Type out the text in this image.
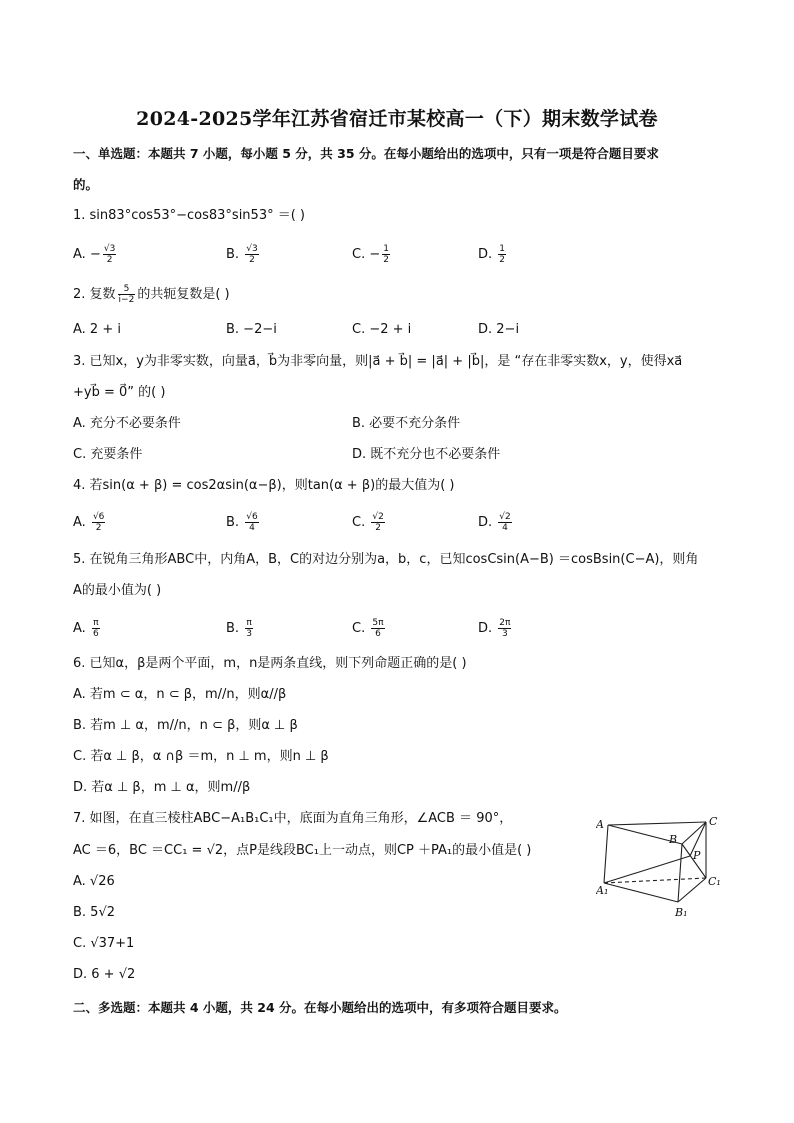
2024-2025学年江苏省宿迁市某校高一（下）期末数学试卷
一、单选题：本题共 7 小题，每小题 5 分，共 35 分。在每小题给出的选项中，只有一项是符合题目要求
的。
1. sin83°cos53°−cos83°sin53° ＝( )
A. − $\frac{√3}{2}$	B. $\frac{√3}{2}$	C. − $\frac{1}{2}$	D. $\frac{1}{2}$
2. 复数 $\frac{5}{i-2}$ 的共轭复数是( )
A. 2 + i	B. −2−i	C. −2 + i	D. 2−i
3. 已知x，y为非零实数，向量a⃗，b⃗为非零向量，则|a⃗ + b⃗| = |a⃗| + |b⃗|，是 “存在非零实数x，y，使得xa⃗
+yb⃗ = 0⃗” 的( )
A. 充分不必要条件	B. 必要不充分条件
C. 充要条件	D. 既不充分也不必要条件
4. 若sin(α + β) = cos2αsin(α−β)，则tan(α + β)的最大值为( )
A. $\frac{√6}{2}$	B. $\frac{√6}{4}$	C. $\frac{√2}{2}$	D. $\frac{√2}{4}$
5. 在锐角三角形ABC中，内角A，B，C的对边分别为a，b，c，已知cosCsin(A−B) ＝cosBsin(C−A)，则角
A的最小值为( )
A. $\frac{\pi}{6}$	B. $\frac{\pi}{3}$	C. $\frac{5\pi}{6}$	D. $\frac{2\pi}{3}$
6. 已知α，β是两个平面，m，n是两条直线，则下列命题正确的是( )
A. 若m ⊂ α，n ⊂ β，m//n，则α//β
B. 若m ⊥ α，m//n，n ⊂ β，则α ⊥ β
C. 若α ⊥ β，α ∩β ＝m，n ⊥ m，则n ⊥ β
D. 若α ⊥ β，m ⊥ α，则m//β
7. 如图，在直三棱柱ABC−A₁B₁C₁中，底面为直角三角形，∠ACB ＝ 90°，
AC ＝6，BC ＝CC₁ = √2，点P是线段BC₁上一动点，则CP ＋PA₁的最小值是( )
A. √26
B. 5√2
C. √37+1
D. 6 + √2
A
B
C
P
A₁
B₁
C₁
二、多选题：本题共 4 小题，共 24 分。在每小题给出的选项中，有多项符合题目要求。
